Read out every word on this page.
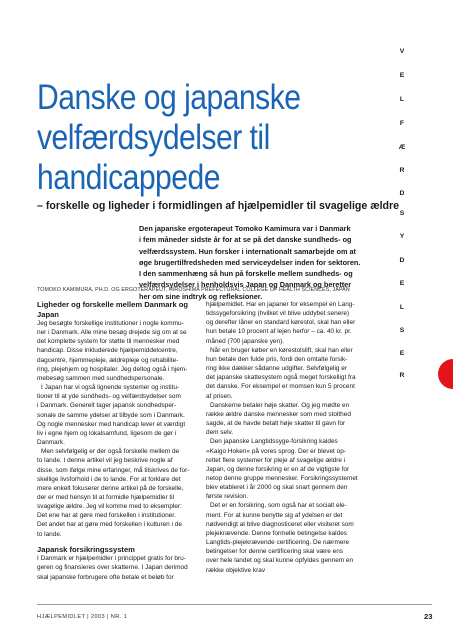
Danske og japanske
velfærdsydelser til
handicappede

– forskelle og ligheder i formidlingen af hjælpemidler til svagelige ældre

Den japanske ergoterapeut Tomoko Kamimura var i Danmark
i fem måneder sidste år for at se på det danske sundheds- og
velfærdssystem. Hun forsker i internationalt samarbejde om at
øge brugertilfredsheden med serviceydelser inden for sektoren.
I den sammenhæng så hun på forskelle mellem sundheds- og
velfærdsydelser i henholdsvis Japan og Danmark og beretter
her om sine indtryk og refleksioner.
TOMOKO KAMIMURA, PH.D. OG ERGOTERAPEUT, HIROSHIMA PREFECTURAL COLLEGE OF HEALTH SCIENCES, JAPAN
Ligheder og forskelle mellem Danmark og
Japan
Jeg besøgte forskellige institutioner i nogle kommu-
ner i Danmark. Alle mine besøg drejede sig om at se
det komplette system for støtte til mennesker med
handicap. Disse inkluderede hjælpemiddelcentre,
dagcentre, hjemmepleje, ældrepleje og rehabilite-
ring, plejehjem og hospitaler. Jeg deltog også i hjem-
mebesøg sammen med sundhedspersonale.
I Japan har vi også lignende systemer og institu-
tioner til at yde sundheds- og velfærdsydelser som
i Danmark. Generelt tager japansk sundhedsper-
sonale de samme ydelser at tilbyde som i Danmark.
Og nogle mennesker med handicap lever et værdigt
liv i egne hjem og lokalsamfund, ligesom de gør i
Danmark.
Men selvfølgelig er der også forskelle mellem de
to lande. I denne artikel vil jeg beskrive nogle af
disse, som ifølge mine erfaringer, må tilskrives de for-
skellige livsforhold i de to lande. For at forklare det
mere enkelt fokuserer denne artikel på de forskelle,
der er med hensyn til at formidle hjælpemidler til
svagelige ældre. Jeg vil komme med to eksempler:
Det ene har at gøre med forskellen i institutioner.
Det andet har at gøre med forskellen i kulturen i de
to lande.
Japansk forsikringssystem
I Danmark er hjælpemidler i princippet gratis for bru-
geren og finansieres over skatterne. I Japan derimod
skal japanske forbrugere ofte betale et beløb for
hjælpemidlet. Har en japaner for eksempel en Lang-
tidssygeforsikring (hvilket vil blive uddybet senere)
og derefter låner en standard kørestol, skal han eller
hun betale 10 procent af lejen herfor – ca. 40 kr. pr.
måned (700 japanske yen).
Når en bruger køber en kørestolslift, skal han eller
hun betale den fulde pris, fordi den omtalte forsik-
ring ikke dækker sådanne udgifter. Selvfølgelig er
det japanske skattesystem også meget forskelligt fra
det danske. For eksempel er momsen kun 5 procent
af prisen.
Danskerne betaler høje skatter. Og jeg mødte en
række ældre danske mennesker som med stolthed
sagde, at de havde betalt høje skatter til gavn for
dem selv.
Den japanske Langtidssyge-forsikring kaldes
»Kaigo Hoken« på vores sprog. Der er blevet op-
rettet flere systemer for pleje af svagelige ældre i
Japan, og denne forsikring er en af de vigtigste for
netop denne gruppe mennesker. Forsikringssystemet
blev etableret i år 2000 og skal snart gennem den
første revision.
Det er en forsikring, som også har et socialt ele-
ment. For at kunne benytte sig af ydelsen er det
nødvendigt at blive diagnosticeret eller visiteret som
plejekrævende. Denne formelle betingelse kaldes
Langtids-plejekrævende certificering. De nærmere
betingelser for denne certificering skal være ens
over hele landet og skal kunne opfyldes gennem en
række objektive krav
V
E
L
F
Æ
R
D
S
Y
D
E
L
S
E
R
HJÆLPEMIDLET | 2003 | NR. 1	23
